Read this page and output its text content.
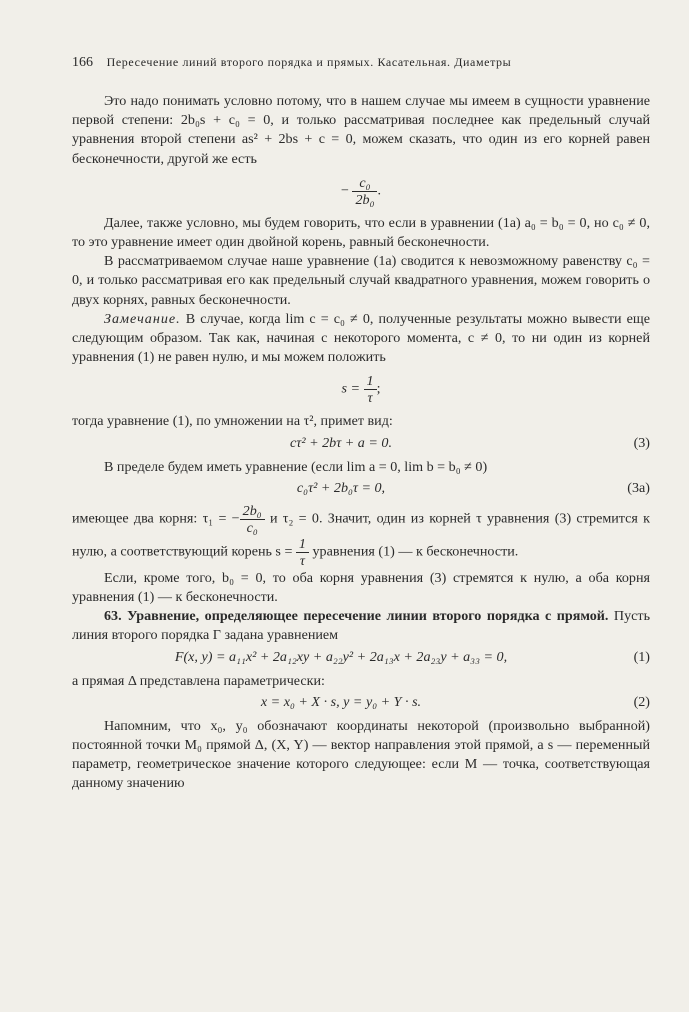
166 Пересечение линий второго порядка и прямых. Касательная. Диаметры

Это надо понимать условно потому, что в нашем случае мы имеем в сущности уравнение первой степени: 2b₀s + c₀ = 0, и только рассматривая последнее как предельный случай уравнения второй степени as² + 2bs + c = 0, можем сказать, что один из его корней равен бесконечности, другой же есть

− $\frac{\text{c₀}}{\text{2b₀}}$ .

Далее, также условно, мы будем говорить, что если в уравнении (1a) a₀ = b₀ = 0, но c₀ ≠ 0, то это уравнение имеет один двойной корень, равный бесконечности.

В рассматриваемом случае наше уравнение (1a) сводится к невозможному равенству c₀ = 0, и только рассматривая его как предельный случай квадратного уравнения, можем говорить о двух корнях, равных бесконечности.

Замечание. В случае, когда lim c = c₀ ≠ 0, полученные результаты можно вывести еще следующим образом. Так как, начиная с некоторого момента, c ≠ 0, то ни один из корней уравнения (1) не равен нулю, и мы можем положить

$s = \frac{1}{\tau}$ ;

тогда уравнение (1), по умножении на τ², примет вид:

cτ² + 2bτ + a = 0.	(3)

В пределе будем иметь уравнение (если lim a = 0, lim b = b₀ ≠ 0)

c₀τ² + 2b₀τ = 0,	(3a)

имеющее два корня: τ₁ = − $\frac{\text{2b₀}}{\text{c₀}}$ и τ₂ = 0. Значит, один из корней τ уравнения (3) стремится к нулю, а соответствующий корень $s = \frac{1}{\tau}$ уравнения (1) — к бесконечности.

Если, кроме того, b₀ = 0, то оба корня уравнения (3) стремятся к нулю, а оба корня уравнения (1) — к бесконечности.

63. Уравнение, определяющее пересечение линии второго порядка с прямой. Пусть линия второго порядка Γ задана уравнением

F(x, y) = a₁₁x² + 2a₁₂xy + a₂₂y² + 2a₁₃x + 2a₂₃y + a₃₃ = 0,	(1)

а прямая Δ представлена параметрически:

x = x₀ + X · s, y = y₀ + Y · s.	(2)

Напомним, что x₀, y₀ обозначают координаты некоторой (произвольно выбранной) постоянной точки M₀ прямой Δ, (X, Y) — вектор направления этой прямой, а s — переменный параметр, геометрическое значение которого следующее: если M — точка, соответствующая данному значению
